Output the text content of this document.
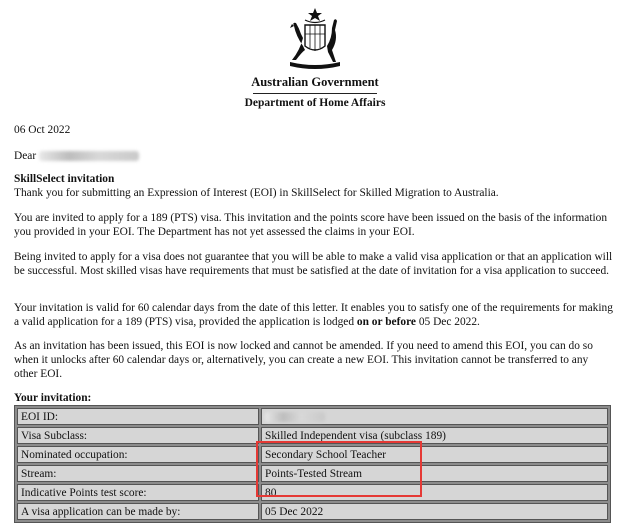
Australian Government
Department of Home Affairs
06 Oct 2022
Dear
SkillSelect invitation
Thank you for submitting an Expression of Interest (EOI) in SkillSelect for Skilled Migration to Australia.
You are invited to apply for a 189 (PTS) visa. This invitation and the points score have been issued on the basis of the information you provided in your EOI. The Department has not yet assessed the claims in your EOI.
Being invited to apply for a visa does not guarantee that you will be able to make a valid visa application or that an application will be successful. Most skilled visas have requirements that must be satisfied at the date of invitation for a visa application to succeed.
Your invitation is valid for 60 calendar days from the date of this letter. It enables you to satisfy one of the requirements for making a valid application for a 189 (PTS) visa, provided the application is lodged on or before 05 Dec 2022.
As an invitation has been issued, this EOI is now locked and cannot be amended. If you need to amend this EOI, you can do so when it unlocks after 60 calendar days or, alternatively, you can create a new EOI. This invitation cannot be transferred to any other EOI.
Your invitation:
EOI ID:	
Visa Subclass:	Skilled Independent visa (subclass 189)
Nominated occupation:	Secondary School Teacher
Stream:	Points-Tested Stream
Indicative Points test score:	80
A visa application can be made by:	05 Dec 2022
